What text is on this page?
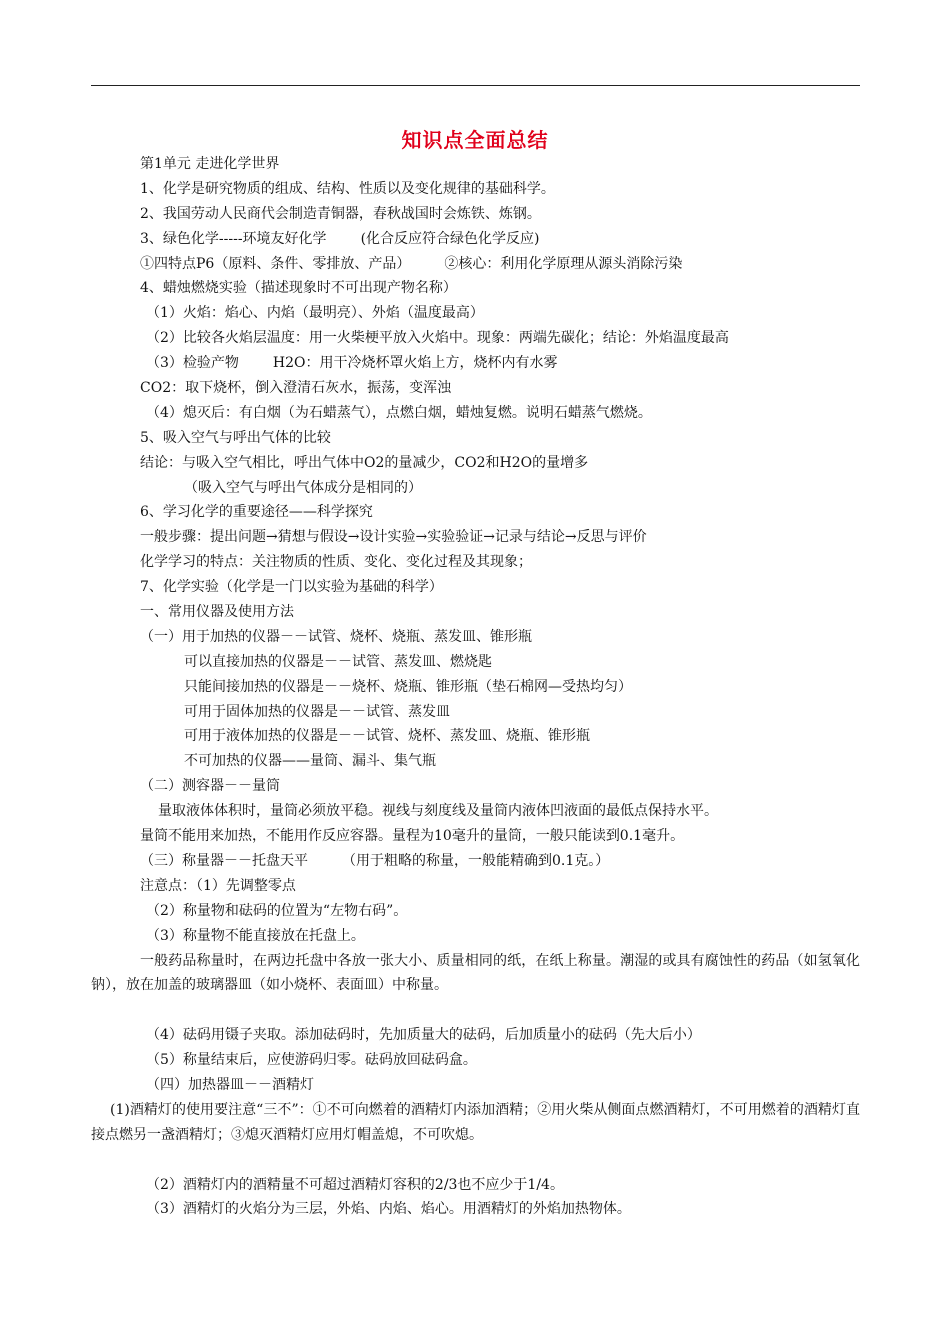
知识点全面总结
第1单元 走进化学世界
1、化学是研究物质的组成、结构、性质以及变化规律的基础科学。
2、我国劳动人民商代会制造青铜器，春秋战国时会炼铁、炼钢。
3、绿色化学-----环境友好化学 (化合反应符合绿色化学反应)
①四特点P6（原料、条件、零排放、产品） ②核心：利用化学原理从源头消除污染
4、蜡烛燃烧实验（描述现象时不可出现产物名称）
（1）火焰：焰心、内焰（最明亮）、外焰（温度最高）
（2）比较各火焰层温度：用一火柴梗平放入火焰中。现象：两端先碳化；结论：外焰温度最高
（3）检验产物 H2O：用干冷烧杯罩火焰上方，烧杯内有水雾
CO2：取下烧杯，倒入澄清石灰水，振荡，变浑浊
（4）熄灭后：有白烟（为石蜡蒸气），点燃白烟，蜡烛复燃。说明石蜡蒸气燃烧。
5、吸入空气与呼出气体的比较
结论：与吸入空气相比，呼出气体中O2的量减少，CO2和H2O的量增多
（吸入空气与呼出气体成分是相同的）
6、学习化学的重要途径——科学探究
一般步骤：提出问题→猜想与假设→设计实验→实验验证→记录与结论→反思与评价
化学学习的特点：关注物质的性质、变化、变化过程及其现象；
7、化学实验（化学是一门以实验为基础的科学）
一、常用仪器及使用方法
（一）用于加热的仪器－－试管、烧杯、烧瓶、蒸发皿、锥形瓶
可以直接加热的仪器是－－试管、蒸发皿、燃烧匙
只能间接加热的仪器是－－烧杯、烧瓶、锥形瓶（垫石棉网—受热均匀）
可用于固体加热的仪器是－－试管、蒸发皿
可用于液体加热的仪器是－－试管、烧杯、蒸发皿、烧瓶、锥形瓶
不可加热的仪器——量筒、漏斗、集气瓶
（二）测容器－－量筒
量取液体体积时，量筒必须放平稳。视线与刻度线及量筒内液体凹液面的最低点保持水平。
量筒不能用来加热，不能用作反应容器。量程为10毫升的量筒，一般只能读到0.1毫升。
（三）称量器－－托盘天平 （用于粗略的称量，一般能精确到0.1克。）
注意点：（1）先调整零点
（2）称量物和砝码的位置为“左物右码”。
（3）称量物不能直接放在托盘上。
一般药品称量时，在两边托盘中各放一张大小、质量相同的纸，在纸上称量。潮湿的或具有腐蚀性的药品（如氢氧化钠），放在加盖的玻璃器皿（如小烧杯、表面皿）中称量。
（4）砝码用镊子夹取。添加砝码时，先加质量大的砝码，后加质量小的砝码（先大后小）
（5）称量结束后，应使游码归零。砝码放回砝码盒。
（四）加热器皿－－酒精灯
(1)酒精灯的使用要注意“三不”：①不可向燃着的酒精灯内添加酒精；②用火柴从侧面点燃酒精灯，不可用燃着的酒精灯直接点燃另一盏酒精灯；③熄灭酒精灯应用灯帽盖熄，不可吹熄。
（2）酒精灯内的酒精量不可超过酒精灯容积的2/3也不应少于1/4。
（3）酒精灯的火焰分为三层，外焰、内焰、焰心。用酒精灯的外焰加热物体。
